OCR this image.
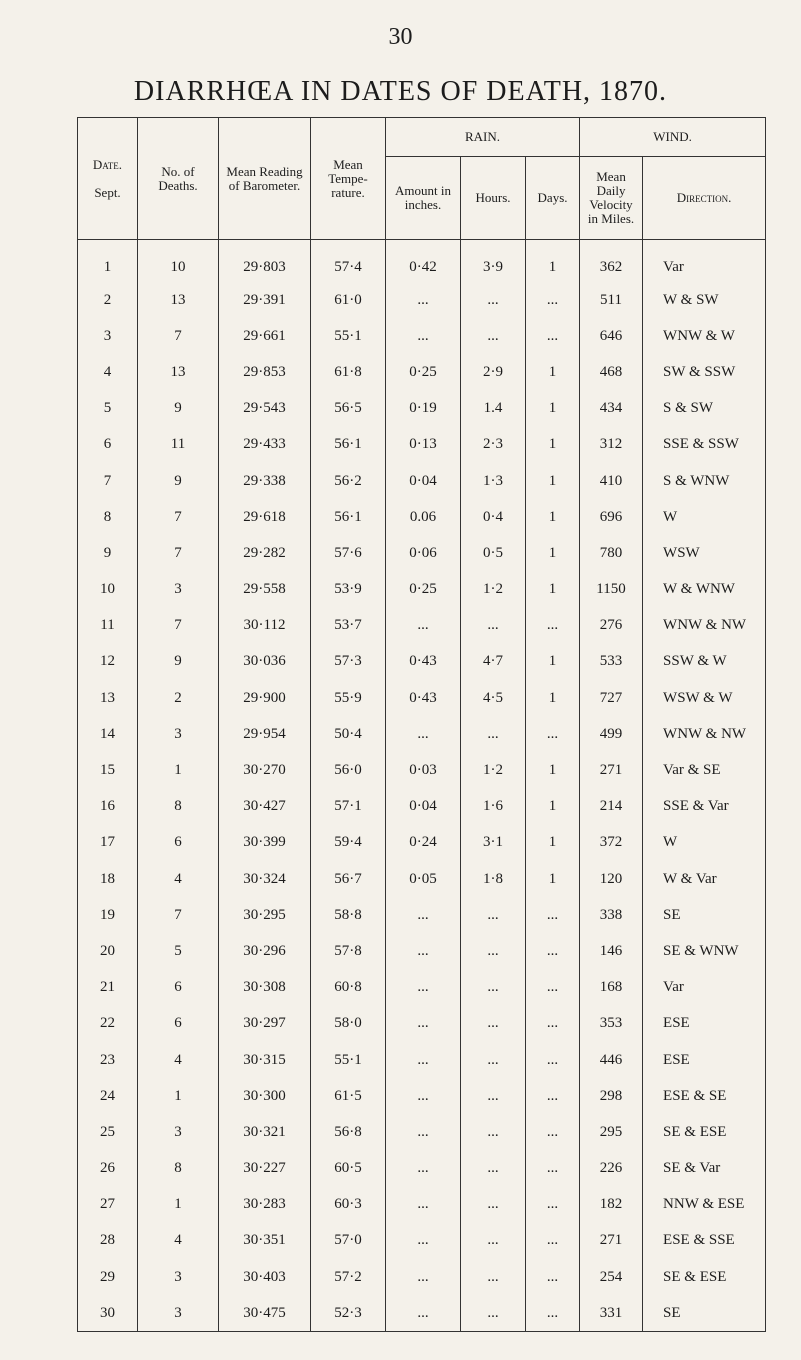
30
DIARRHŒA IN DATES OF DEATH, 1870.
Date.

Sept.	No. of Deaths.	Mean Reading of Barometer.	Mean Tempe-rature.	RAIN.			WIND.	
				Amount in inches.	Hours.	Days.	Mean Daily Velocity in Miles.	Direction.
1	10	29·803	57·4	0·42	3·9	1	362	Var
2	13	29·391	61·0	...	...	...	511	W & SW
3	7	29·661	55·1	...	...	...	646	WNW & W
4	13	29·853	61·8	0·25	2·9	1	468	SW & SSW
5	9	29·543	56·5	0·19	1.4	1	434	S & SW
6	11	29·433	56·1	0·13	2·3	1	312	SSE & SSW
7	9	29·338	56·2	0·04	1·3	1	410	S & WNW
8	7	29·618	56·1	0.06	0·4	1	696	W
9	7	29·282	57·6	0·06	0·5	1	780	WSW
10	3	29·558	53·9	0·25	1·2	1	1150	W & WNW
11	7	30·112	53·7	...	...	...	276	WNW & NW
12	9	30·036	57·3	0·43	4·7	1	533	SSW & W
13	2	29·900	55·9	0·43	4·5	1	727	WSW & W
14	3	29·954	50·4	...	...	...	499	WNW & NW
15	1	30·270	56·0	0·03	1·2	1	271	Var & SE
16	8	30·427	57·1	0·04	1·6	1	214	SSE & Var
17	6	30·399	59·4	0·24	3·1	1	372	W
18	4	30·324	56·7	0·05	1·8	1	120	W & Var
19	7	30·295	58·8	...	...	...	338	SE
20	5	30·296	57·8	...	...	...	146	SE & WNW
21	6	30·308	60·8	...	...	...	168	Var
22	6	30·297	58·0	...	...	...	353	ESE
23	4	30·315	55·1	...	...	...	446	ESE
24	1	30·300	61·5	...	...	...	298	ESE & SE
25	3	30·321	56·8	...	...	...	295	SE & ESE
26	8	30·227	60·5	...	...	...	226	SE & Var
27	1	30·283	60·3	...	...	...	182	NNW & ESE
28	4	30·351	57·0	...	...	...	271	ESE & SSE
29	3	30·403	57·2	...	...	...	254	SE & ESE
30	3	30·475	52·3	...	...	...	331	SE
